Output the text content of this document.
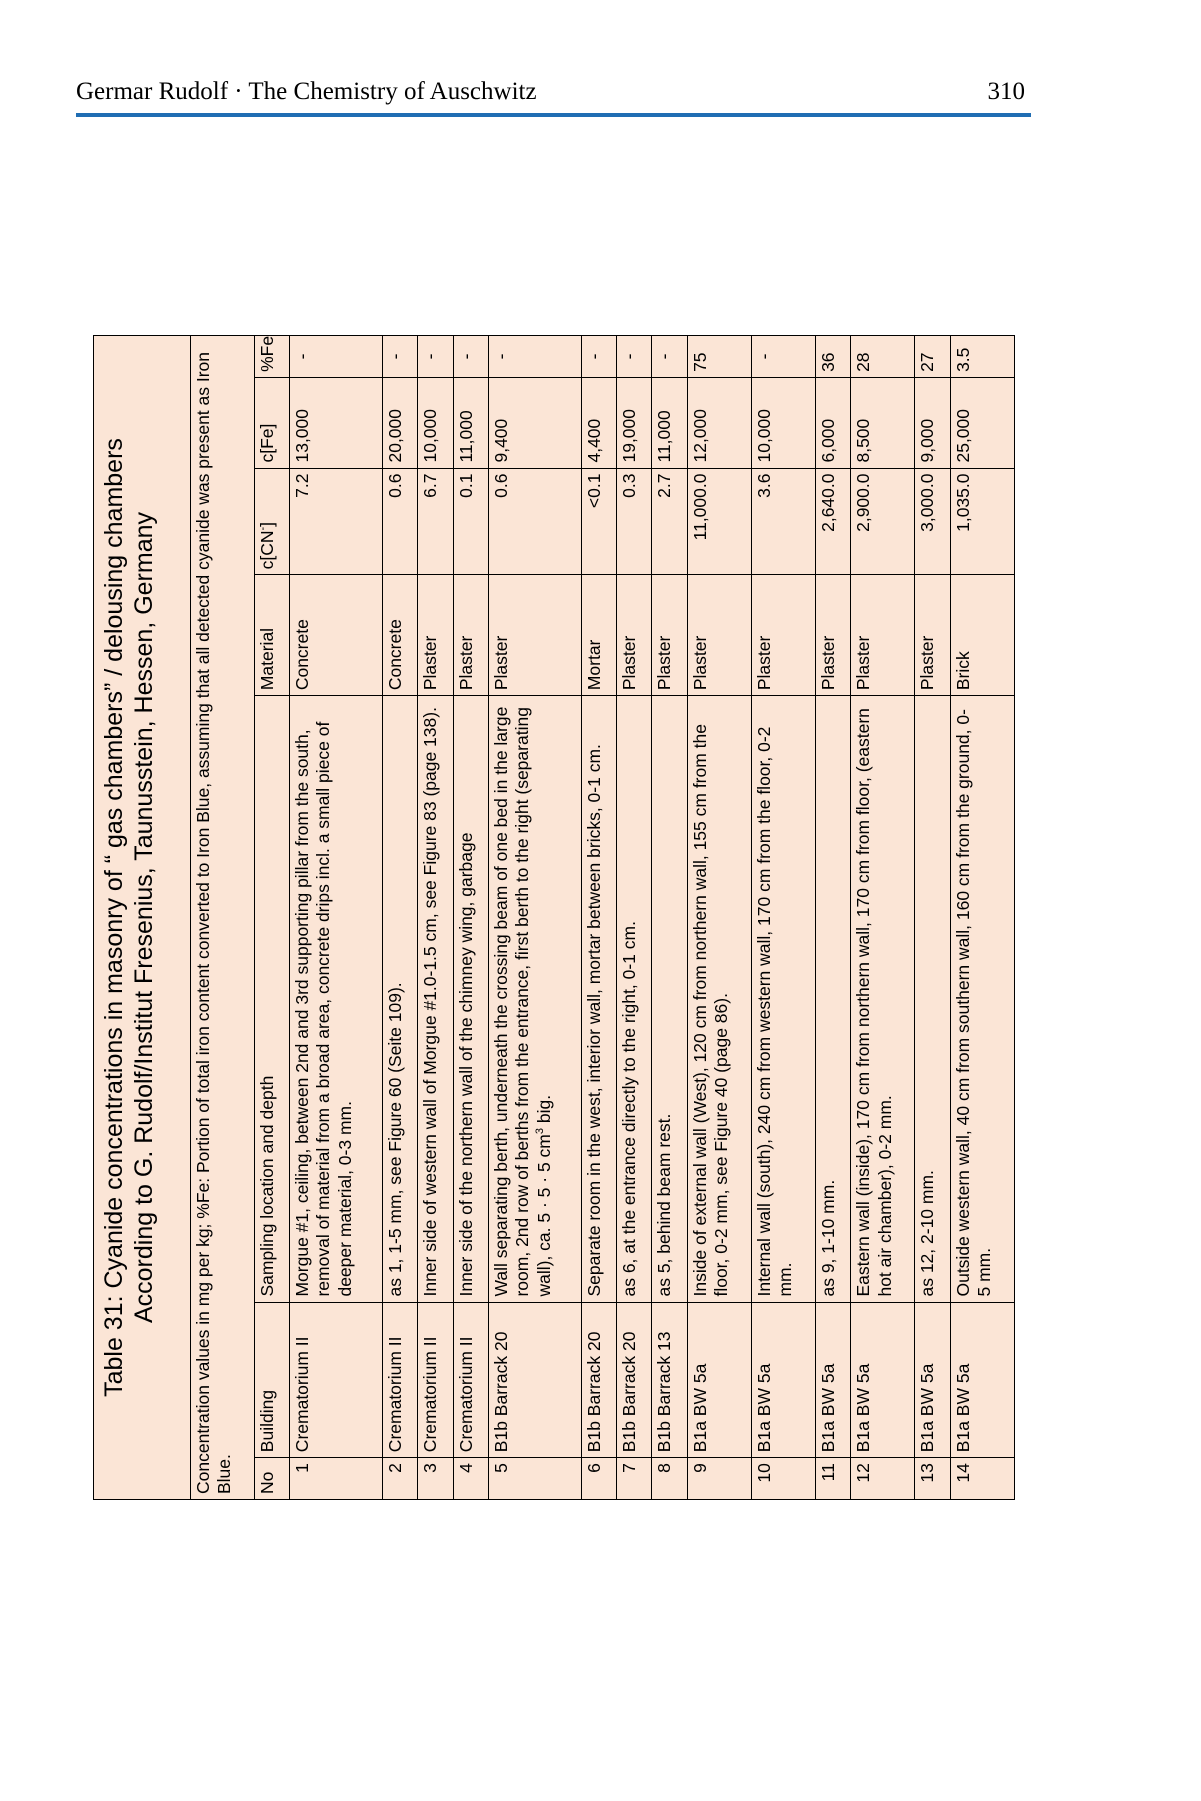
Germar Rudolf · The Chemistry of Auschwitz	310
Table 31: Cyanide concentrations in masonry of “ gas chambers” / delousing chambers According to G. Rudolf/Institut Fresenius, Taunusstein, Hessen, Germany						

Concentration values in mg per kg; %Fe: Portion of total iron content converted to Iron Blue, assuming that all detected cyanide was present as Iron Blue.						
No	Building	Sampling location and depth	Material	c[CN-]	c[Fe]	%Fe
1	Crematorium II	Morgue #1, ceiling, between 2nd and 3rd supporting pillar from the south, removal of material from a broad area, concrete drips incl. a small piece of deeper material, 0-3 mm.	Concrete	7.2	13,000	-
2	Crematorium II	as 1, 1-5 mm, see Figure 60 (Seite 109).	Concrete	0.6	20,000	-
3	Crematorium II	Inner side of western wall of Morgue #1.0-1.5 cm, see Figure 83 (page 138).	Plaster	6.7	10,000	-
4	Crematorium II	Inner side of the northern wall of the chimney wing, garbage	Plaster	0.1	11,000	-
5	B1b Barrack 20	Wall separating berth, underneath the crossing beam of one bed in the large room, 2nd row of berths from the entrance, first berth to the right (separating wall), ca. 5 · 5 · 5 $cm^3$ big.	Plaster	0.6	9,400	-
6	B1b Barrack 20	Separate room in the west, interior wall, mortar between bricks, 0-1 cm.	Mortar	<0.1	4,400	-
7	B1b Barrack 20	as 6, at the entrance directly to the right, 0-1 cm.	Plaster	0.3	19,000	-
8	B1b Barrack 13	as 5, behind beam rest.	Plaster	2.7	11,000	-
9	B1a BW 5a	Inside of external wall (West), 120 cm from northern wall, 155 cm from the floor, 0-2 mm, see Figure 40 (page 86).	Plaster	11,000.0	12,000	75
10	B1a BW 5a	Internal wall (south), 240 cm from western wall, 170 cm from the floor, 0-2 mm.	Plaster	3.6	10,000	-
11	B1a BW 5a	as 9, 1-10 mm.	Plaster	2,640.0	6,000	36
12	B1a BW 5a	Eastern wall (inside), 170 cm from northern wall, 170 cm from floor, (eastern hot air chamber), 0-2 mm.	Plaster	2,900.0	8,500	28
13	B1a BW 5a	as 12, 2-10 mm.	Plaster	3,000.0	9,000	27
14	B1a BW 5a	Outside western wall, 40 cm from southern wall, 160 cm from the ground, 0-5 mm.	Brick	1,035.0	25,000	3.5
